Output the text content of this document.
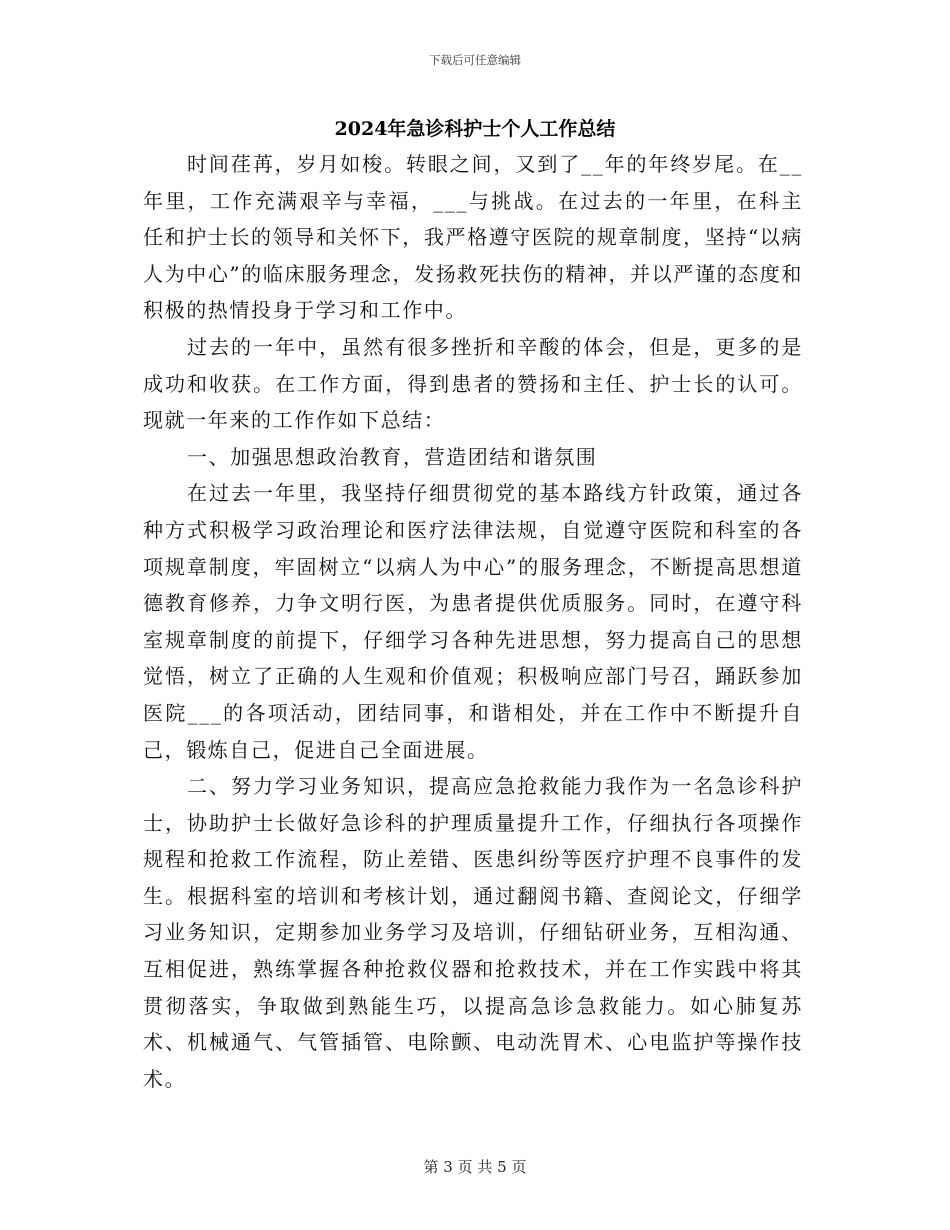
下载后可任意编辑
2024年急诊科护士个人工作总结

时间荏苒，岁月如梭。转眼之间，又到了__年的年终岁尾。在__年里，工作充满艰辛与幸福，___与挑战。在过去的一年里，在科主任和护士长的领导和关怀下，我严格遵守医院的规章制度，坚持“以病人为中心”的临床服务理念，发扬救死扶伤的精神，并以严谨的态度和积极的热情投身于学习和工作中。

过去的一年中，虽然有很多挫折和辛酸的体会，但是，更多的是成功和收获。在工作方面，得到患者的赞扬和主任、护士长的认可。现就一年来的工作作如下总结：

一、加强思想政治教育，营造团结和谐氛围

在过去一年里，我坚持仔细贯彻党的基本路线方针政策，通过各种方式积极学习政治理论和医疗法律法规，自觉遵守医院和科室的各项规章制度，牢固树立“以病人为中心”的服务理念，不断提高思想道德教育修养，力争文明行医，为患者提供优质服务。同时，在遵守科室规章制度的前提下，仔细学习各种先进思想，努力提高自己的思想觉悟，树立了正确的人生观和价值观；积极响应部门号召，踊跃参加医院___的各项活动，团结同事，和谐相处，并在工作中不断提升自己，锻炼自己，促进自己全面进展。

二、努力学习业务知识，提高应急抢救能力我作为一名急诊科护士，协助护士长做好急诊科的护理质量提升工作，仔细执行各项操作规程和抢救工作流程，防止差错、医患纠纷等医疗护理不良事件的发生。根据科室的培训和考核计划，通过翻阅书籍、查阅论文，仔细学习业务知识，定期参加业务学习及培训，仔细钻研业务，互相沟通、互相促进，熟练掌握各种抢救仪器和抢救技术，并在工作实践中将其贯彻落实，争取做到熟能生巧，以提高急诊急救能力。如心肺复苏术、机械通气、气管插管、电除颤、电动洗胃术、心电监护等操作技术。

第 3 页 共 5 页
